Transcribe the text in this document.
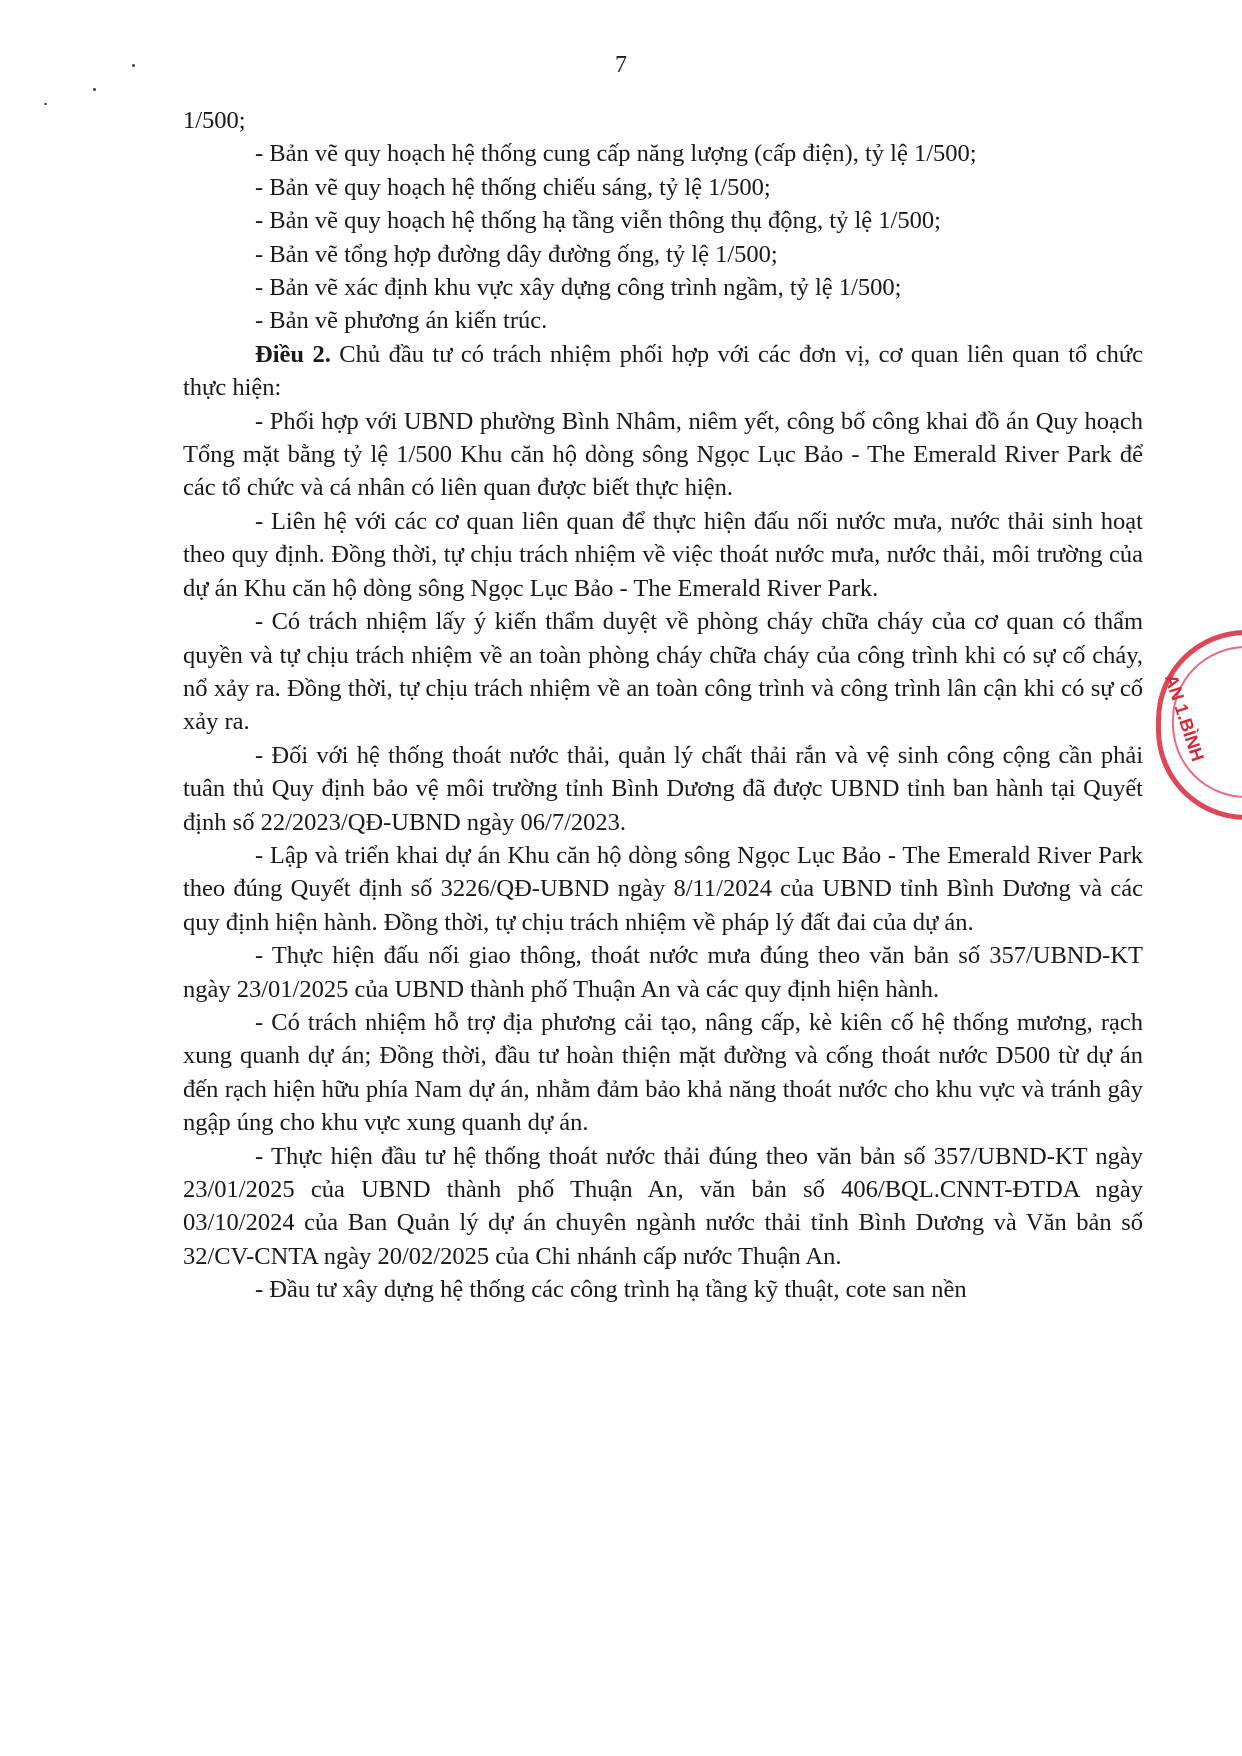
7

1/500;

- Bản vẽ quy hoạch hệ thống cung cấp năng lượng (cấp điện), tỷ lệ 1/500;

- Bản vẽ quy hoạch hệ thống chiếu sáng, tỷ lệ 1/500;

- Bản vẽ quy hoạch hệ thống hạ tầng viễn thông thụ động, tỷ lệ 1/500;

- Bản vẽ tổng hợp đường dây đường ống, tỷ lệ 1/500;

- Bản vẽ xác định khu vực xây dựng công trình ngầm, tỷ lệ 1/500;

- Bản vẽ phương án kiến trúc.

Điều 2. Chủ đầu tư có trách nhiệm phối hợp với các đơn vị, cơ quan liên quan tổ chức thực hiện:

- Phối hợp với UBND phường Bình Nhâm, niêm yết, công bố công khai đồ án Quy hoạch Tổng mặt bằng tỷ lệ 1/500 Khu căn hộ dòng sông Ngọc Lục Bảo - The Emerald River Park để các tổ chức và cá nhân có liên quan được biết thực hiện.

- Liên hệ với các cơ quan liên quan để thực hiện đấu nối nước mưa, nước thải sinh hoạt theo quy định. Đồng thời, tự chịu trách nhiệm về việc thoát nước mưa, nước thải, môi trường của dự án Khu căn hộ dòng sông Ngọc Lục Bảo - The Emerald River Park.

- Có trách nhiệm lấy ý kiến thẩm duyệt về phòng cháy chữa cháy của cơ quan có thẩm quyền và tự chịu trách nhiệm về an toàn phòng cháy chữa cháy của công trình khi có sự cố cháy, nổ xảy ra. Đồng thời, tự chịu trách nhiệm về an toàn công trình và công trình lân cận khi có sự cố xảy ra.

- Đối với hệ thống thoát nước thải, quản lý chất thải rắn và vệ sinh công cộng cần phải tuân thủ Quy định bảo vệ môi trường tỉnh Bình Dương đã được UBND tỉnh ban hành tại Quyết định số 22/2023/QĐ-UBND ngày 06/7/2023.

- Lập và triển khai dự án Khu căn hộ dòng sông Ngọc Lục Bảo - The Emerald River Park theo đúng Quyết định số 3226/QĐ-UBND ngày 8/11/2024 của UBND tỉnh Bình Dương và các quy định hiện hành. Đồng thời, tự chịu trách nhiệm về pháp lý đất đai của dự án.

- Thực hiện đấu nối giao thông, thoát nước mưa đúng theo văn bản số 357/UBND-KT ngày 23/01/2025 của UBND thành phố Thuận An và các quy định hiện hành.

- Có trách nhiệm hỗ trợ địa phương cải tạo, nâng cấp, kè kiên cố hệ thống mương, rạch xung quanh dự án; Đồng thời, đầu tư hoàn thiện mặt đường và cống thoát nước D500 từ dự án đến rạch hiện hữu phía Nam dự án, nhằm đảm bảo khả năng thoát nước cho khu vực và tránh gây ngập úng cho khu vực xung quanh dự án.

- Thực hiện đầu tư hệ thống thoát nước thải đúng theo văn bản số 357/UBND-KT ngày 23/01/2025 của UBND thành phố Thuận An, văn bản số 406/BQL.CNNT-ĐTDA ngày 03/10/2024 của Ban Quản lý dự án chuyên ngành nước thải tỉnh Bình Dương và Văn bản số 32/CV-CNTA ngày 20/02/2025 của Chi nhánh cấp nước Thuận An.

- Đầu tư xây dựng hệ thống các công trình hạ tầng kỹ thuật, cote san nền

AN 1.BÌNH
